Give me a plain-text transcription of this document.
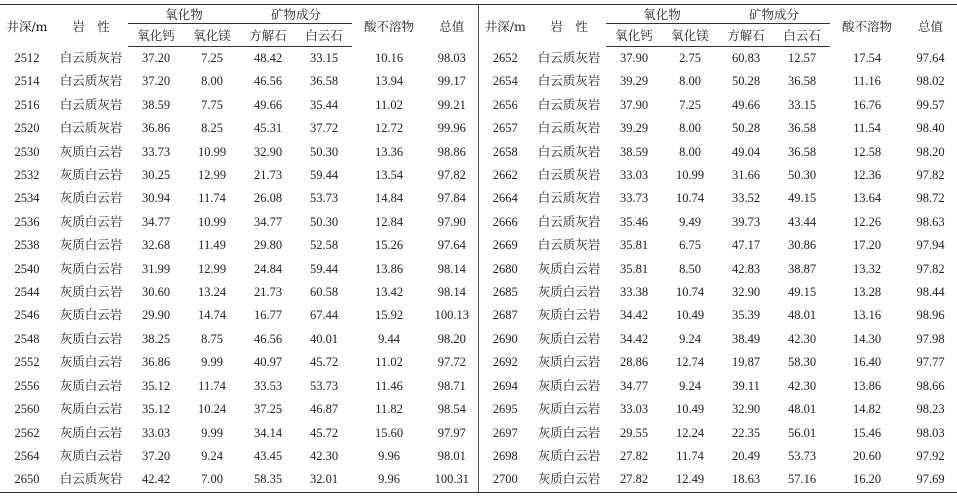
井深/m	岩　性	氧化物		矿物成分		酸不溶物	总值	井深/m	岩　性	氧化物		矿物成分		酸不溶物	总值
		氧化钙	氧化镁	方解石	白云石					氧化钙	氧化镁	方解石	白云石		
2512	白云质灰岩	37.20	7.25	48.42	33.15	10.16	98.03	2652	白云质灰岩	37.90	2.75	60.83	12.57	17.54	97.64
2514	白云质灰岩	37.20	8.00	46.56	36.58	13.94	99.17	2654	白云质灰岩	39.29	8.00	50.28	36.58	11.16	98.02
2516	白云质灰岩	38.59	7.75	49.66	35.44	11.02	99.21	2656	白云质灰岩	37.90	7.25	49.66	33.15	16.76	99.57
2520	白云质灰岩	36.86	8.25	45.31	37.72	12.72	99.96	2657	白云质灰岩	39.29	8.00	50.28	36.58	11.54	98.40
2530	灰质白云岩	33.73	10.99	32.90	50.30	13.36	98.86	2658	白云质灰岩	38.59	8.00	49.04	36.58	12.58	98.20
2532	灰质白云岩	30.25	12.99	21.73	59.44	13.54	97.82	2662	白云质灰岩	33.03	10.99	31.66	50.30	12.36	97.82
2534	灰质白云岩	30.94	11.74	26.08	53.73	14.84	97.84	2664	白云质灰岩	33.73	10.74	33.52	49.15	13.64	98.72
2536	灰质白云岩	34.77	10.99	34.77	50.30	12.84	97.90	2666	白云质灰岩	35.46	9.49	39.73	43.44	12.26	98.63
2538	灰质白云岩	32.68	11.49	29.80	52.58	15.26	97.64	2669	白云质灰岩	35.81	6.75	47.17	30.86	17.20	97.94
2540	灰质白云岩	31.99	12.99	24.84	59.44	13.86	98.14	2680	灰质白云岩	35.81	8.50	42.83	38.87	13.32	97.82
2544	灰质白云岩	30.60	13.24	21.73	60.58	13.42	98.14	2685	灰质白云岩	33.38	10.74	32.90	49.15	13.28	98.44
2546	灰质白云岩	29.90	14.74	16.77	67.44	15.92	100.13	2687	灰质白云岩	34.42	10.49	35.39	48.01	13.16	98.96
2548	灰质白云岩	38.25	8.75	46.56	40.01	9.44	98.20	2690	灰质白云岩	34.42	9.24	38.49	42.30	14.30	97.98
2552	灰质白云岩	36.86	9.99	40.97	45.72	11.02	97.72	2692	灰质白云岩	28.86	12.74	19.87	58.30	16.40	97.77
2556	灰质白云岩	35.12	11.74	33.53	53.73	11.46	98.71	2694	灰质白云岩	34.77	9.24	39.11	42.30	13.86	98.66
2560	灰质白云岩	35.12	10.24	37.25	46.87	11.82	98.54	2695	灰质白云岩	33.03	10.49	32.90	48.01	14.82	98.23
2562	灰质白云岩	33.03	9.99	34.14	45.72	15.60	97.97	2697	灰质白云岩	29.55	12.24	22.35	56.01	15.46	98.03
2564	灰质白云岩	37.20	9.24	43.45	42.30	9.96	98.01	2698	灰质白云岩	27.82	11.74	20.49	53.73	20.60	97.92
2650	白云质灰岩	42.42	7.00	58.35	32.01	9.96	100.31	2700	灰质白云岩	27.82	12.49	18.63	57.16	16.20	97.69
